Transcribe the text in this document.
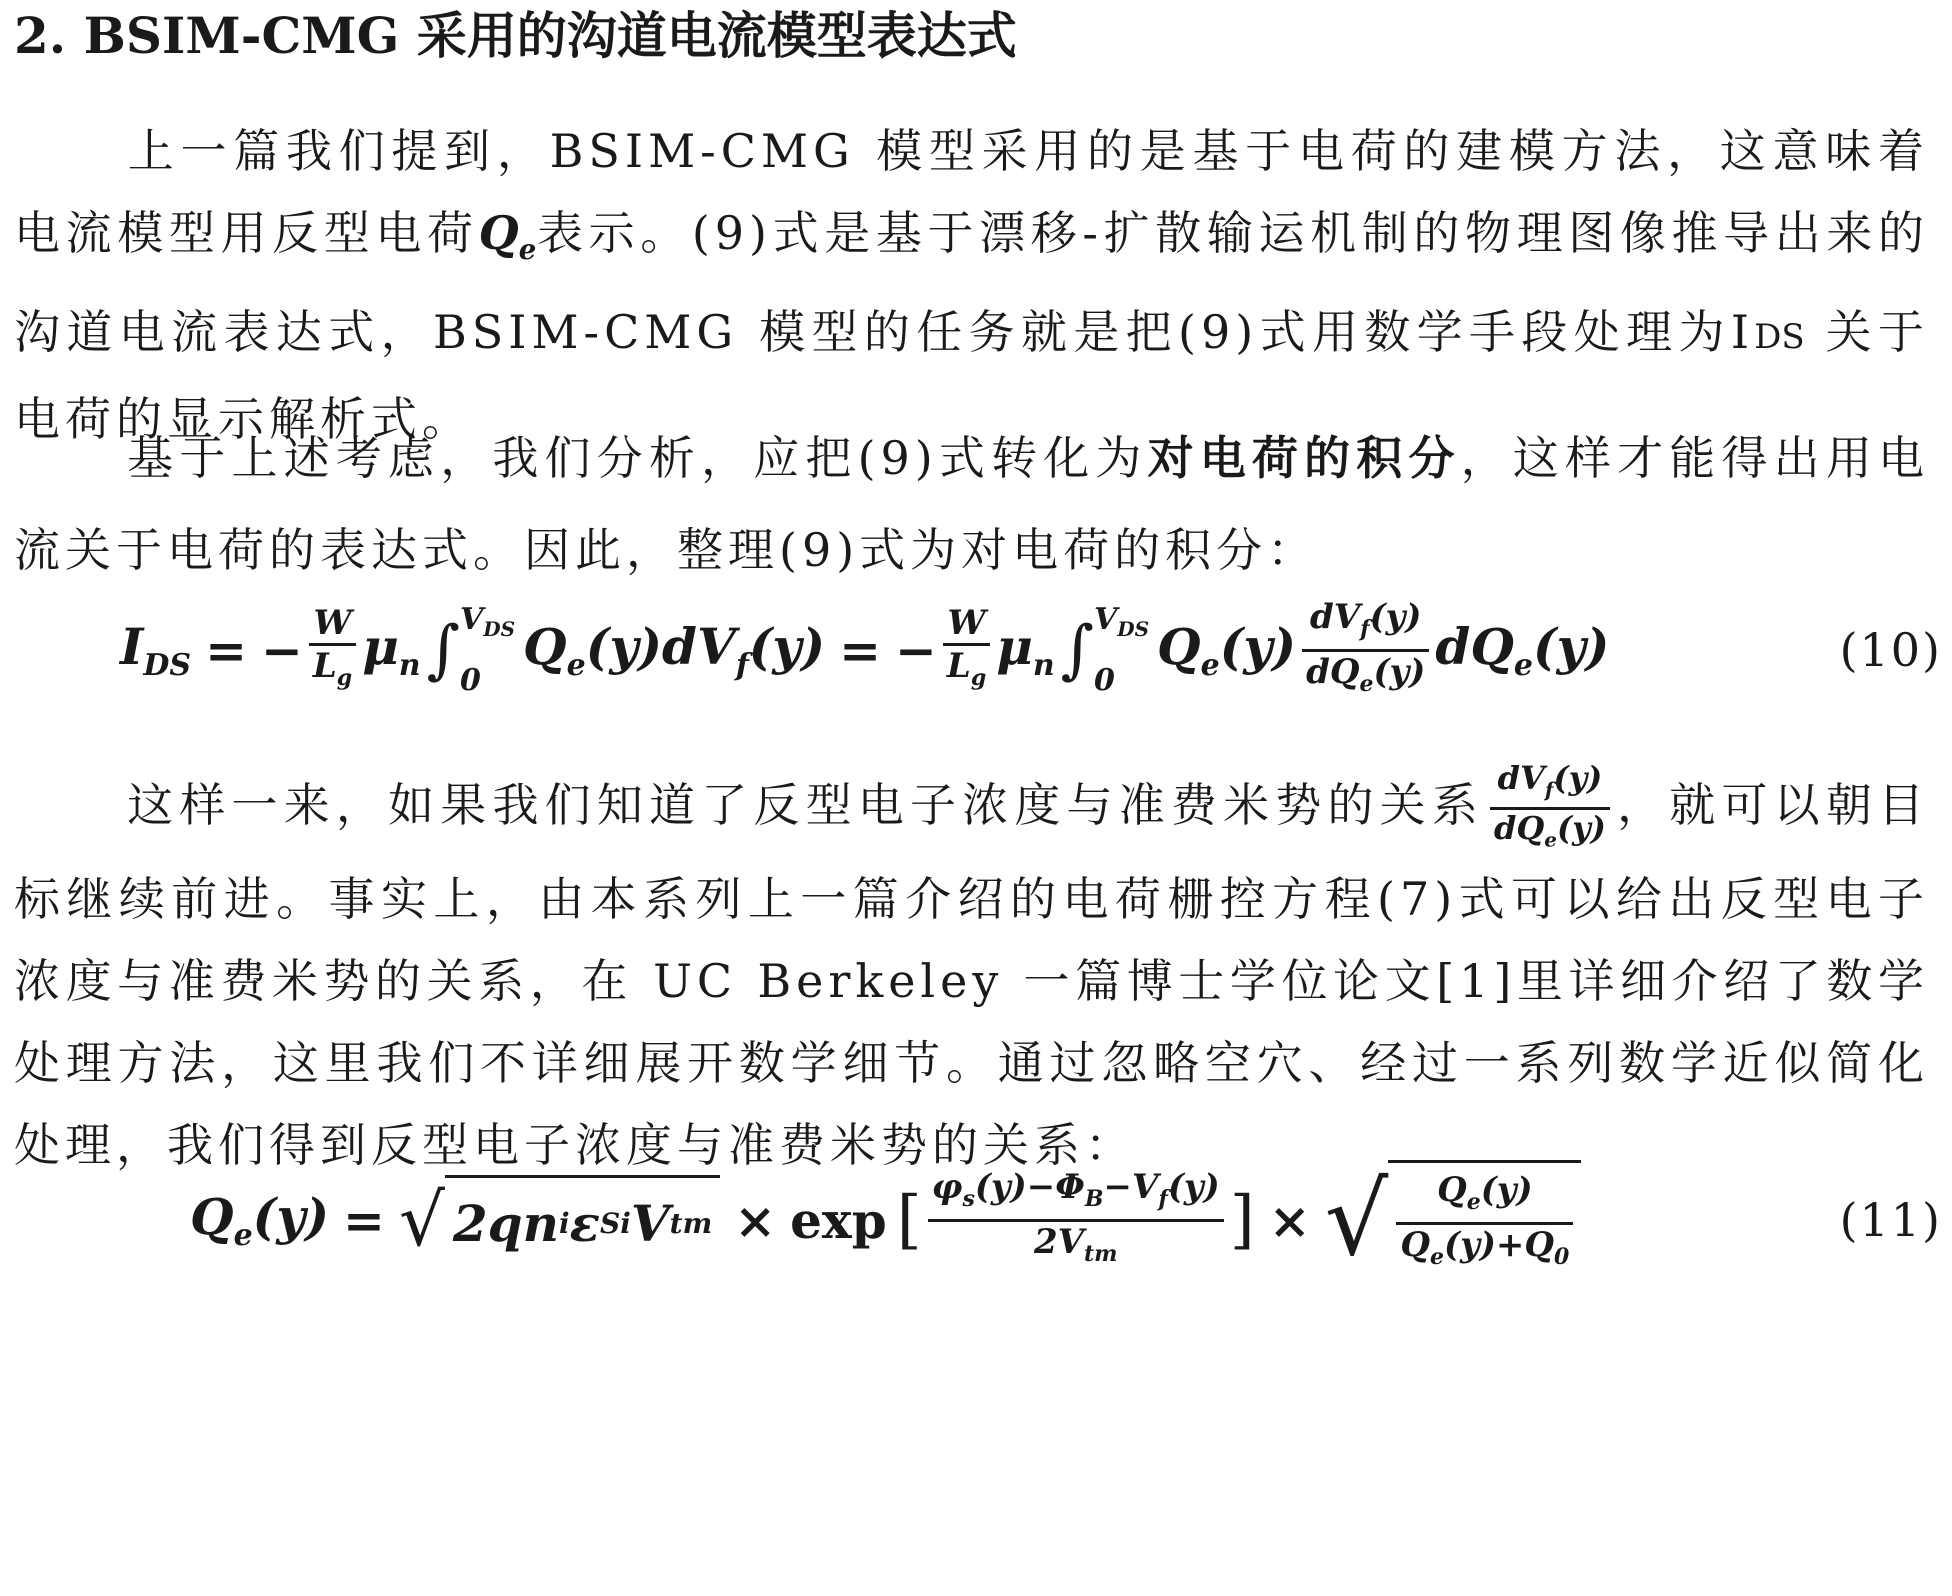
2. BSIM-CMG 采用的沟道电流模型表达式

上一篇我们提到，BSIM-CMG 模型采用的是基于电荷的建模方法，这意味着电流模型用反型电荷$Q_e$表示。(9)式是基于漂移-扩散输运机制的物理图像推导出来的沟道电流表达式，BSIM-CMG 模型的任务就是把(9)式用数学手段处理为IDS 关于电荷的显示解析式。

基于上述考虑，我们分析，应把(9)式转化为对电荷的积分，这样才能得出用电流关于电荷的表达式。因此，整理(9)式为对电荷的积分：

$I_{DS}$ = − $\frac{W}{L_g} \mu_n$ ∫ $V_{DS}$
0
$Q_e(y)dV_f(y)$ = − $\frac{W}{L_g} \mu_n$ ∫ $V_{DS}$
0
$Q_e(y) \frac{dV_f(y)}{dQ_e(y)} dQ_e(y)$	(10)

这样一来，如果我们知道了反型电子浓度与准费米势的关系 $\frac{dV_f(y)}{dQ_e(y)}$ ，就可以朝目标继续前进。事实上，由本系列上一篇介绍的电荷栅控方程(7)式可以给出反型电子浓度与准费米势的关系，在 UC Berkeley 一篇博士学位论文[1]里详细介绍了数学处理方法，这里我们不详细展开数学细节。通过忽略空穴、经过一系列数学近似简化处理，我们得到反型电子浓度与准费米势的关系：

$Q_e(y)$ = √ 2qn i ε Si V tm × exp [ $\frac{\varphi_s(y)-\Phi_B-V_f(y)}{2V_{tm}}$ ] × √ $\frac{Q_e(y)}{Q_e(y)+Q_0}$	(11)
